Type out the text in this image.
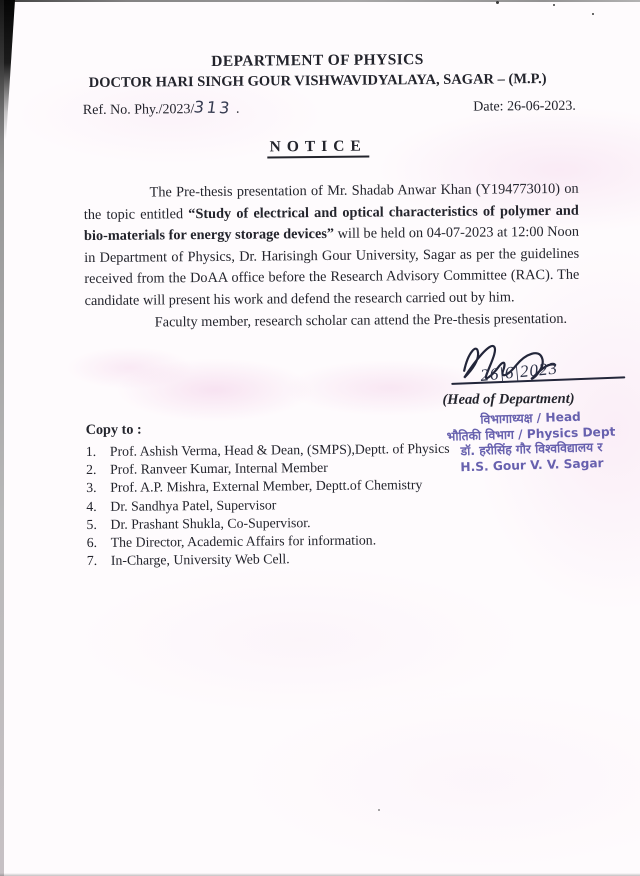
DEPARTMENT OF PHYSICS
DOCTOR HARI SINGH GOUR VISHWAVIDYALAYA, SAGAR – (M.P.)
Ref. No. Phy./2023/313 .	Date: 26-06-2023.
NOTICE

The Pre-thesis presentation of Mr. Shadab Anwar Khan (Y194773010) on the topic entitled “Study of electrical and optical characteristics of polymer and bio-materials for energy storage devices” will be held on 04-07-2023 at 12:00 Noon in Department of Physics, Dr. Harisingh Gour University, Sagar as per the guidelines received from the DoAA office before the Research Advisory Committee (RAC). The candidate will present his work and defend the research carried out by him.

Faculty member, research scholar can attend the Pre-thesis presentation.

26|6|2023
(Head of Department)
विभागाध्यक्ष / Head
भौतिकी विभाग / Physics Dept
डॉ. हरीसिंह गौर विश्वविद्यालय र
H.S. Gour V. V. Sagar
Copy to :
1. Prof. Ashish Verma, Head & Dean, (SMPS),Deptt. of Physics
2. Prof. Ranveer Kumar, Internal Member
3. Prof. A.P. Mishra, External Member, Deptt.of Chemistry
4. Dr. Sandhya Patel, Supervisor
5. Dr. Prashant Shukla, Co-Supervisor.
6. The Director, Academic Affairs for information.
7. In-Charge, University Web Cell.
